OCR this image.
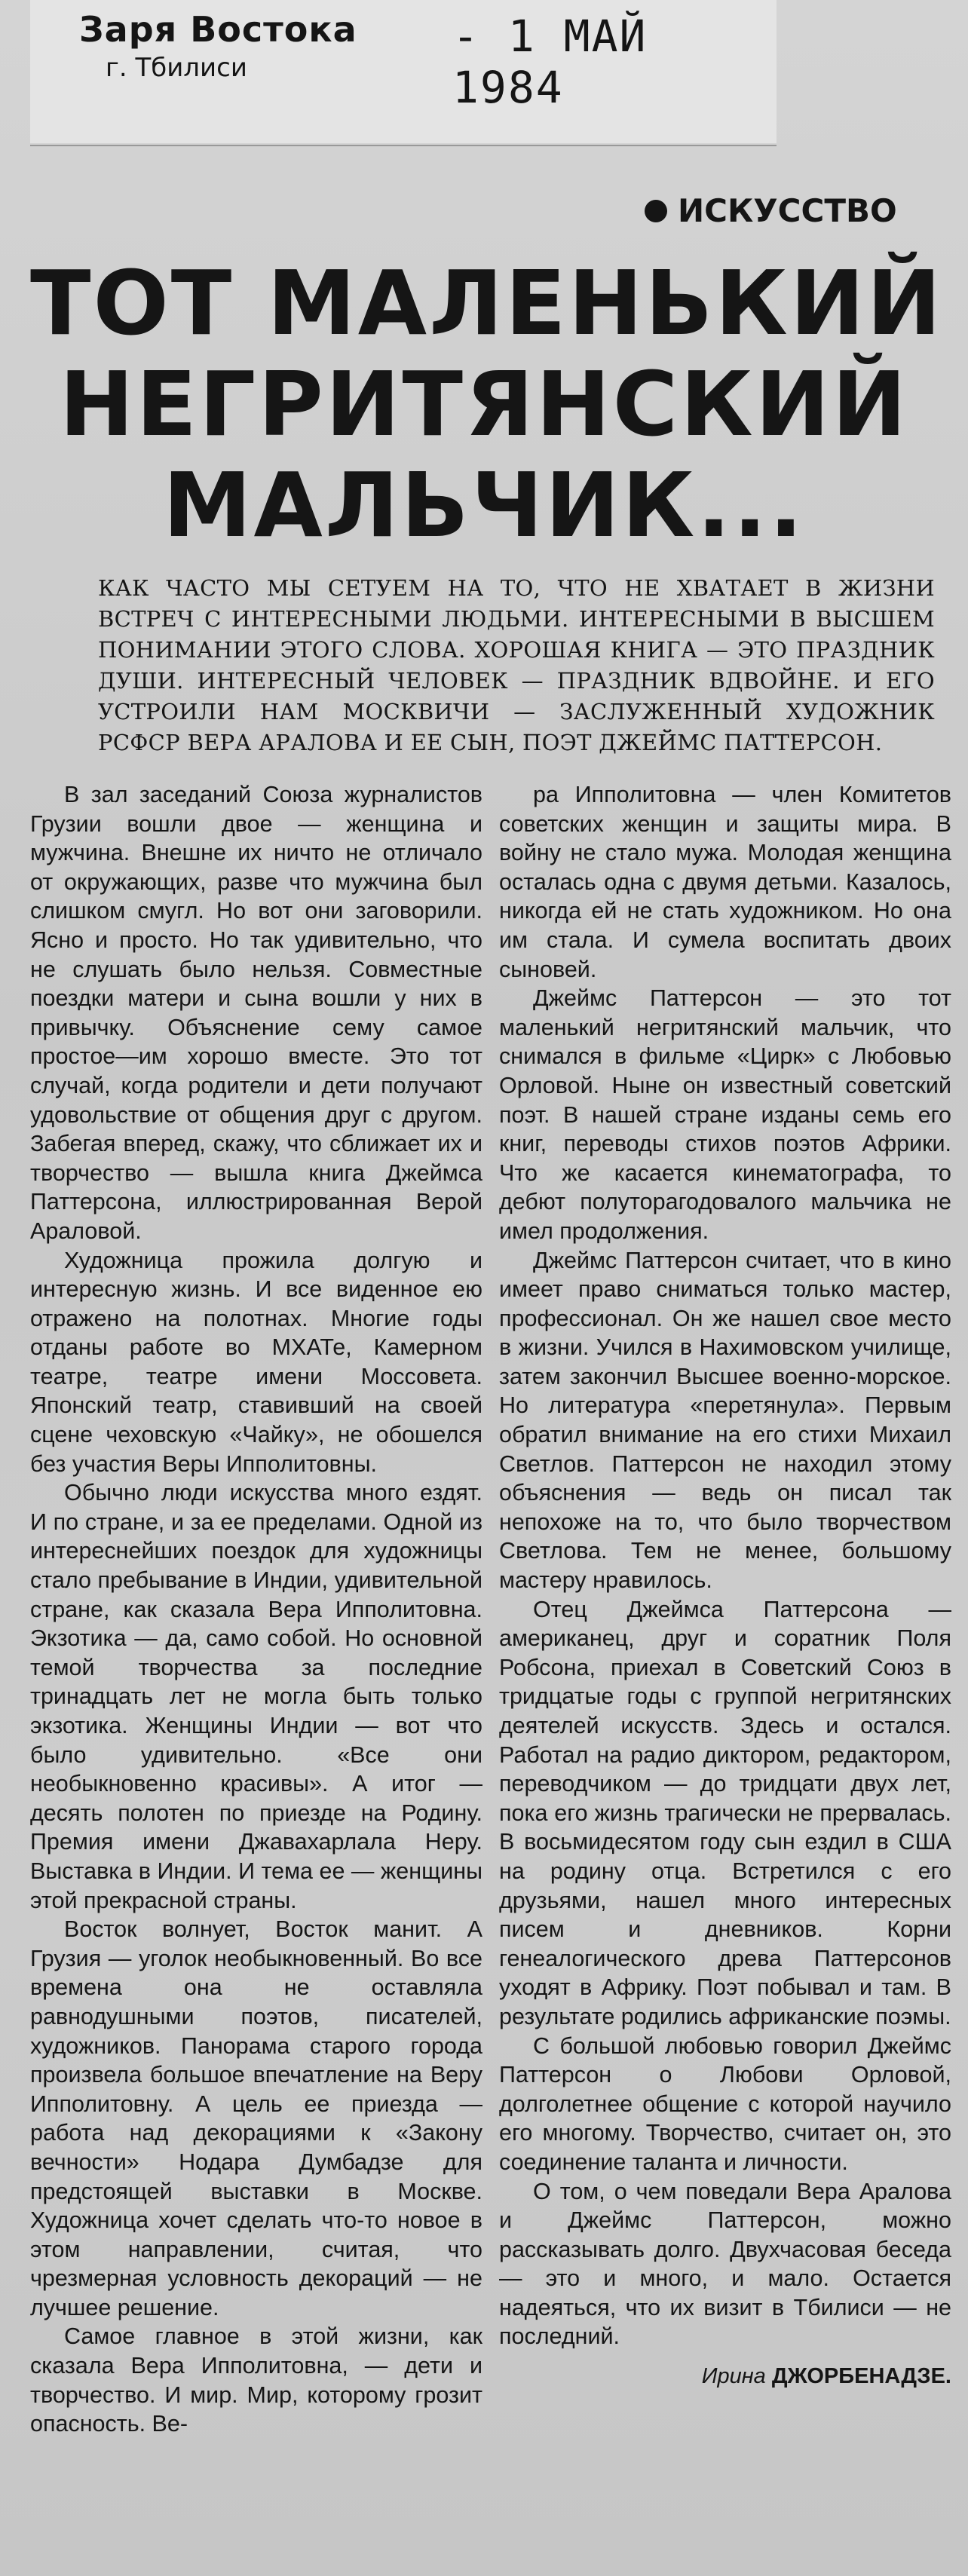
Заря Востока
г. Тбилиси
- 1 МАЙ 1984
ИСКУССТВО
ТОТ МАЛЕНЬКИЙ
НЕГРИТЯНСКИЙ
МАЛЬЧИК...
КАК ЧАСТО МЫ СЕТУЕМ НА ТО, ЧТО НЕ ХВАТАЕТ В ЖИЗНИ ВСТРЕЧ С ИНТЕРЕСНЫМИ ЛЮДЬМИ. ИНТЕРЕСНЫМИ В ВЫСШЕМ ПОНИМАНИИ ЭТОГО СЛОВА. ХОРОШАЯ КНИГА — ЭТО ПРАЗДНИК ДУШИ. ИНТЕРЕСНЫЙ ЧЕЛОВЕК — ПРАЗДНИК ВДВОЙНЕ. И ЕГО УСТРОИЛИ НАМ МОСКВИЧИ — ЗАСЛУЖЕННЫЙ ХУДОЖНИК РСФСР ВЕРА АРАЛОВА И ЕЕ СЫН, ПОЭТ ДЖЕЙМС ПАТТЕРСОН.

В зал заседаний Союза журналистов Грузии вошли двое — женщина и мужчина. Внешне их ничто не отличало от окружающих, разве что мужчина был слишком смугл. Но вот они заговорили. Ясно и просто. Но так удивительно, что не слушать было нельзя. Совместные поездки матери и сына вошли у них в привычку. Объяснение сему самое простое—им хорошо вместе. Это тот случай, когда родители и дети получают удовольствие от общения друг с другом. Забегая вперед, скажу, что сближает их и творчество — вышла книга Джеймса Паттерсона, иллюстрированная Верой Араловой.

Художница прожила долгую и интересную жизнь. И все виденное ею отражено на полотнах. Многие годы отданы работе во МХАТе, Камерном театре, театре имени Моссовета. Японский театр, ставивший на своей сцене чеховскую «Чайку», не обошелся без участия Веры Ипполитовны.

Обычно люди искусства много ездят. И по стране, и за ее пределами. Одной из интереснейших поездок для художницы стало пребывание в Индии, удивительной стране, как сказала Вера Ипполитовна. Экзотика — да, само собой. Но основной темой творчества за последние тринадцать лет не могла быть только экзотика. Женщины Индии — вот что было удивительно. «Все они необыкновенно красивы». А итог — десять полотен по приезде на Родину. Премия имени Джавахарлала Неру. Выставка в Индии. И тема ее — женщины этой прекрасной страны.

Восток волнует, Восток манит. А Грузия — уголок необыкновенный. Во все времена она не оставляла равнодушными поэтов, писателей, художников. Панорама старого города произвела большое впечатление на Веру Ипполитовну. А цель ее приезда — работа над декорациями к «Закону вечности» Нодара Думбадзе для предстоящей выставки в Москве. Художница хочет сделать что-то новое в этом направлении, считая, что чрезмерная условность декораций — не лучшее решение.

Самое главное в этой жизни, как сказала Вера Ипполитовна, — дети и творчество. И мир. Мир, которому грозит опасность. Ве-

ра Ипполитовна — член Комитетов советских женщин и защиты мира. В войну не стало мужа. Молодая женщина осталась одна с двумя детьми. Казалось, никогда ей не стать художником. Но она им стала. И сумела воспитать двоих сыновей.

Джеймс Паттерсон — это тот маленький негритянский мальчик, что снимался в фильме «Цирк» с Любовью Орловой. Ныне он известный советский поэт. В нашей стране изданы семь его книг, переводы стихов поэтов Африки. Что же касается кинематографа, то дебют полуторагодовалого мальчика не имел продолжения.

Джеймс Паттерсон считает, что в кино имеет право сниматься только мастер, профессионал. Он же нашел свое место в жизни. Учился в Нахимовском училище, затем закончил Высшее военно-морское. Но литература «перетянула». Первым обратил внимание на его стихи Михаил Светлов. Паттерсон не находил этому объяснения — ведь он писал так непохоже на то, что было творчеством Светлова. Тем не менее, большому мастеру нравилось.

Отец Джеймса Паттерсона — американец, друг и соратник Поля Робсона, приехал в Советский Союз в тридцатые годы с группой негритянских деятелей искусств. Здесь и остался. Работал на радио диктором, редактором, переводчиком — до тридцати двух лет, пока его жизнь трагически не прервалась. В восьмидесятом году сын ездил в США на родину отца. Встретился с его друзьями, нашел много интересных писем и дневников. Корни генеалогического древа Паттерсонов уходят в Африку. Поэт побывал и там. В результате родились африканские поэмы.

С большой любовью говорил Джеймс Паттерсон о Любови Орловой, долголетнее общение с которой научило его многому. Творчество, считает он, это соединение таланта и личности.

О том, о чем поведали Вера Аралова и Джеймс Паттерсон, можно рассказывать долго. Двухчасовая беседа — это и много, и мало. Остается надеяться, что их визит в Тбилиси — не последний.

Ирина ДЖОРБЕНАДЗЕ.
